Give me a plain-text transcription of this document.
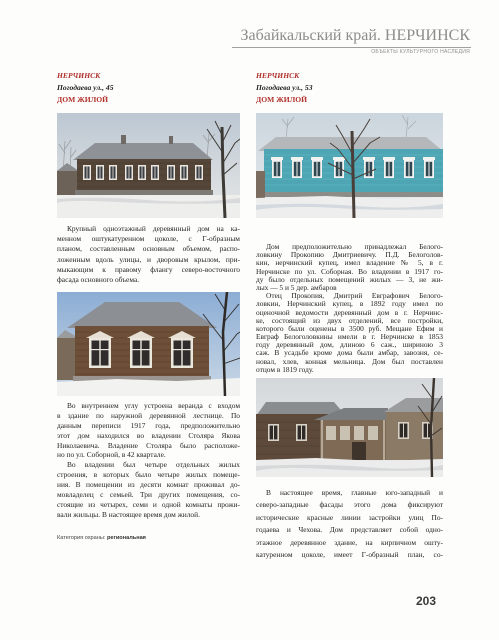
Забайкальский край. НЕРЧИНСК
ОБЪЕКТЫ КУЛЬТУРНОГО НАСЛЕДИЯ
НЕРЧИНСК
Погодаева ул., 45
ДОМ ЖИЛОЙ
Крупный одноэтажный деревянный дом на ка-
менном оштукатуренном цоколе, с Г-образным
планом, составленным основным объемом, распо-
ложенным вдоль улицы, и дворовым крылом, при-
мыкающим к правому флангу северо-восточного
фасада основного объема.
Во внутреннем углу устроена веранда с входом
в здание по наружной деревянной лестнице. По
данным переписи 1917 года, предположительно
этот дом находился во владении Столяра Якова
Николаевича. Владение Столяра было расположе-
но по ул. Соборной, в 42 квартале.
Во владении был четыре отдельных жилых
строения, в которых было четыре жилых помеще-
ния. В помещении из десяти комнат проживал до-
мовладелец с семьей. Три других помещения, со-
стоящие из четырех, семи и одной комнаты прожи-
вали жильцы. В настоящее время дом жилой.
Категория охраны: региональная
НЕРЧИНСК
Погодаева ул., 53
ДОМ ЖИЛОЙ
Дом предположительно принадлежал Белого-
ловкину Прокопию Дмитриевичу. П.Д. Белоголов-
кин, нерчинский купец, имел владение № 5, в г.
Нерчинске по ул. Соборная. Во владении в 1917 го-
ду было отдельных помещений жилых — 3, не жи-
лых — 5 и 5 дер. амбаров
Отец Прокопия, Дмитрий Евграфович Белого-
ловкин, Нерчинский купец, в 1892 году имел по
оценочной ведомости деревянный дом в г. Нерчинс-
ке, состоящий из двух отделений, все постройки,
которого были оценены в 3500 руб. Мещане Ефим и
Евграф Белоголовкины имели в г. Нерчинске в 1853
году деревянный дом, длиною 6 саж., шириною 3
саж. В усадьбе кроме дома были амбар, завозня, се-
новал, хлев, конная мельница. Дом был поставлен
отцом в 1819 году.
В настоящее время, главные юго-западный и
северо-западные фасады этого дома фиксируют
исторические красные линии застройки улиц По-
годаева и Чехова. Дом представляет собой одно-
этажное деревянное здание, на кирпичном ошту-
катуренном цоколе, имеет Г-образный план, со-
203
